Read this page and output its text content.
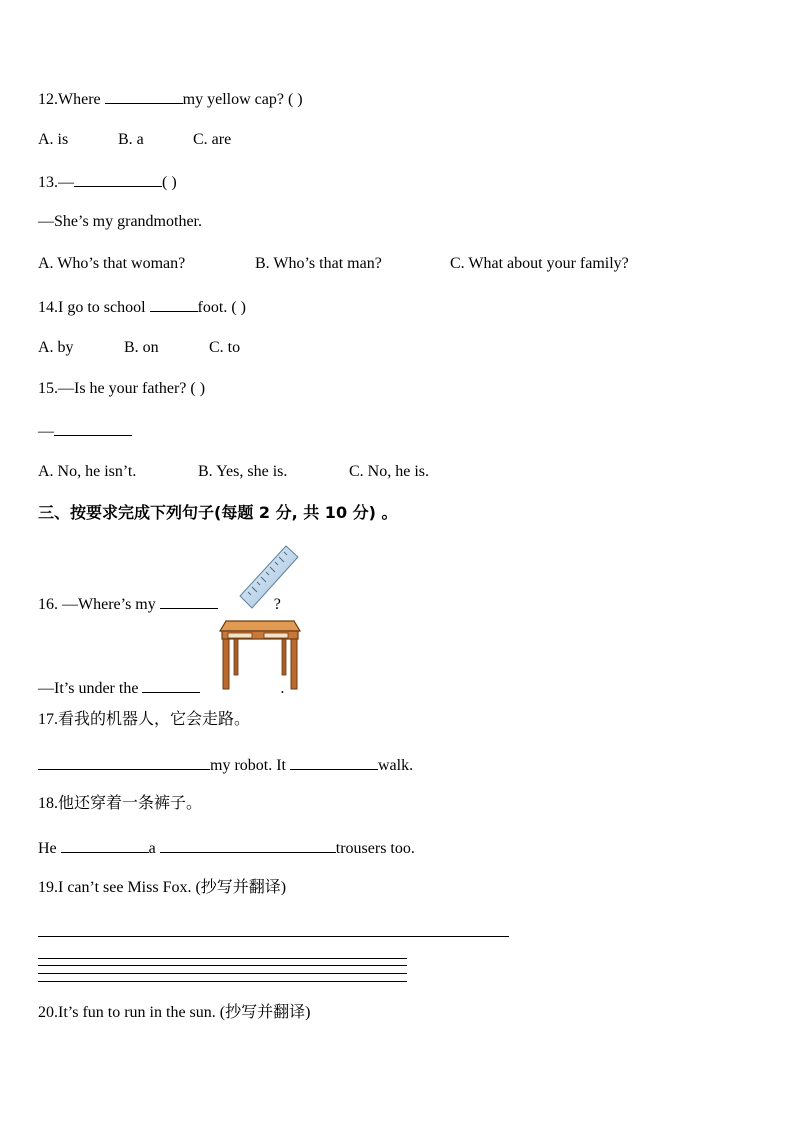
12.Where	my yellow cap? ( )
A. is	B. a	C. are
13.—	( )
—She’s my grandmother.
A. Who’s that woman?	B. Who’s that man?	C. What about your family?
14.I go to school	foot. ( )
A. by	B. on	C. to
15.—Is he your father? ( )
—
A. No, he isn’t.	B. Yes, she is.	C. No, he is.
三、按要求完成下列句子(每题 2 分, 共 10 分) 。
16. —Where’s my	?
—It’s under the	.
17.看我的机器人，它会走路。
my robot. It	walk.
18.他还穿着一条裤子。
He	a	trousers too.
19.I can’t see Miss Fox. (抄写并翻译)
20.It’s fun to run in the sun. (抄写并翻译)
